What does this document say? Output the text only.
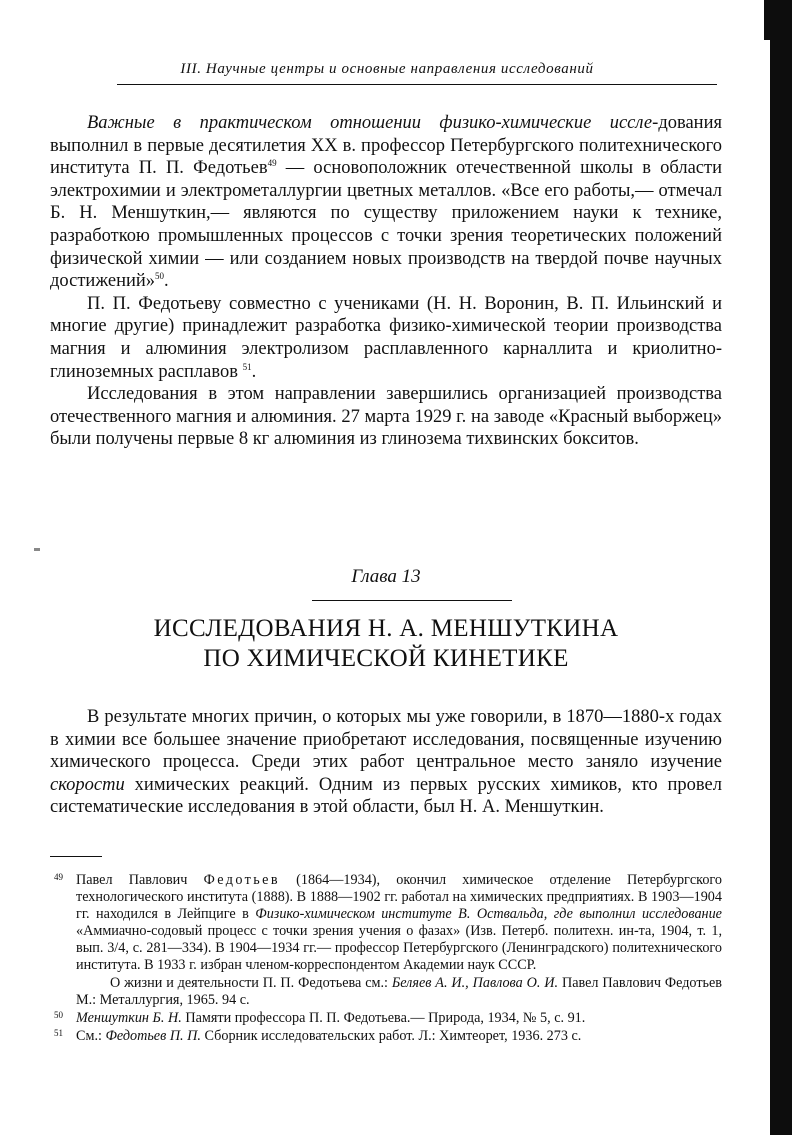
III. Научные центры и основные направления исследований

Важные в практическом отношении физико-химические иссле-дования выполнил в первые десятилетия XX в. профессор Петербургского политехнического института П. П. Федотьев$^{49}$ — основоположник отечественной школы в области электрохимии и электрометаллургии цветных металлов. «Все его работы,— отмечал Б. Н. Меншуткин,— являются по существу приложением науки к технике, разработкою промышленных процессов с точки зрения теоретических положений физической химии — или созданием новых производств на твердой почве научных достижений»$^{50}$.

П. П. Федотьеву совместно с учениками (Н. Н. Воронин, В. П. Ильинский и многие другие) принадлежит разработка физико-химической теории производства магния и алюминия электролизом расплавленного карналлита и криолитно-глиноземных расплавов $^{51}$.

Исследования в этом направлении завершились организацией производства отечественного магния и алюминия. 27 марта 1929 г. на заводе «Красный выборжец» были получены первые 8 кг алюминия из глинозема тихвинских бокситов.

Глава 13
ИССЛЕДОВАНИЯ Н. А. МЕНШУТКИНА
ПО ХИМИЧЕСКОЙ КИНЕТИКЕ

В результате многих причин, о которых мы уже говорили, в 1870—1880-х годах в химии все большее значение приобретают исследования, посвященные изучению химического процесса. Среди этих работ центральное место заняло изучение скорости химических реакций. Одним из первых русских химиков, кто провел систематические исследования в этой области, был Н. А. Меншуткин.

49 Павел Павлович Федотьев (1864—1934), окончил химическое отделение Петербургского технологического института (1888). В 1888—1902 гг. работал на химических предприятиях. В 1903—1904 гг. находился в Лейпциге в Физико-химическом институте В. Оствальда, где выполнил исследование «Аммиачно-содовый процесс с точки зрения учения о фазах» (Изв. Петерб. политехн. ин-та, 1904, т. 1, вып. 3/4, с. 281—334). В 1904—1934 гг.— профессор Петербургского (Ленинградского) политехнического института. В 1933 г. избран членом-корреспондентом Академии наук СССР.
О жизни и деятельности П. П. Федотьева см.: Беляев А. И., Павлова О. И. Павел Павлович Федотьев М.: Металлургия, 1965. 94 с.
50 Меншуткин Б. Н. Памяти профессора П. П. Федотьева.— Природа, 1934, № 5, с. 91.
51 См.: Федотьев П. П. Сборник исследовательских работ. Л.: Химтеорет, 1936. 273 с.
